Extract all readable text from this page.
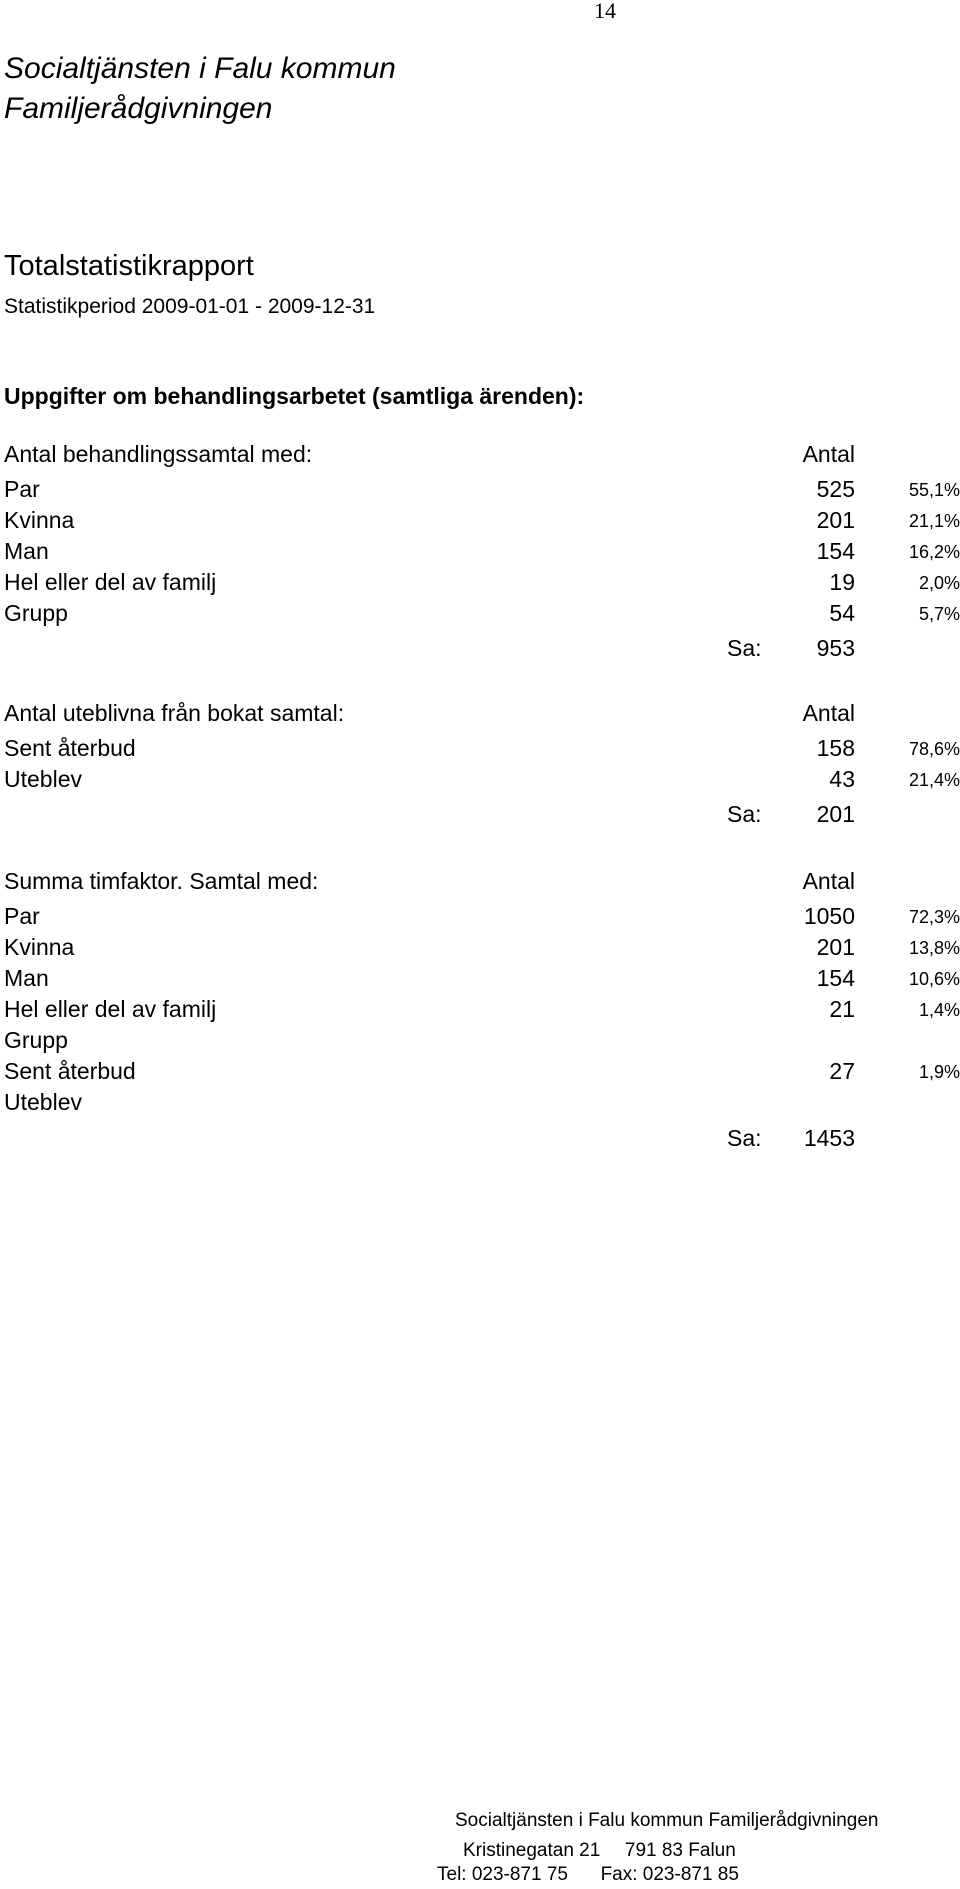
14
Socialtjänsten i Falu kommun
Familjerådgivningen
Totalstatistikrapport
Statistikperiod 2009-01-01 - 2009-12-31
Uppgifter om behandlingsarbetet (samtliga ärenden):
Antal behandlingssamtal med:	Antal
Par	525	55,1%
Kvinna	201	21,1%
Man	154	16,2%
Hel eller del av familj	19	2,0%
Grupp	54	5,7%
Sa: 953
Antal uteblivna från bokat samtal:	Antal
Sent återbud	158	78,6%
Uteblev	43	21,4%
Sa: 201
Summa timfaktor. Samtal med:	Antal
Par	1050	72,3%
Kvinna	201	13,8%
Man	154	10,6%
Hel eller del av familj	21	1,4%
Grupp
Sent återbud	27	1,9%
Uteblev
Sa: 1453
Socialtjänsten i Falu kommun Familjerådgivningen
Kristinegatan 21 791 83 Falun
Tel: 023-871 75 Fax: 023-871 85
